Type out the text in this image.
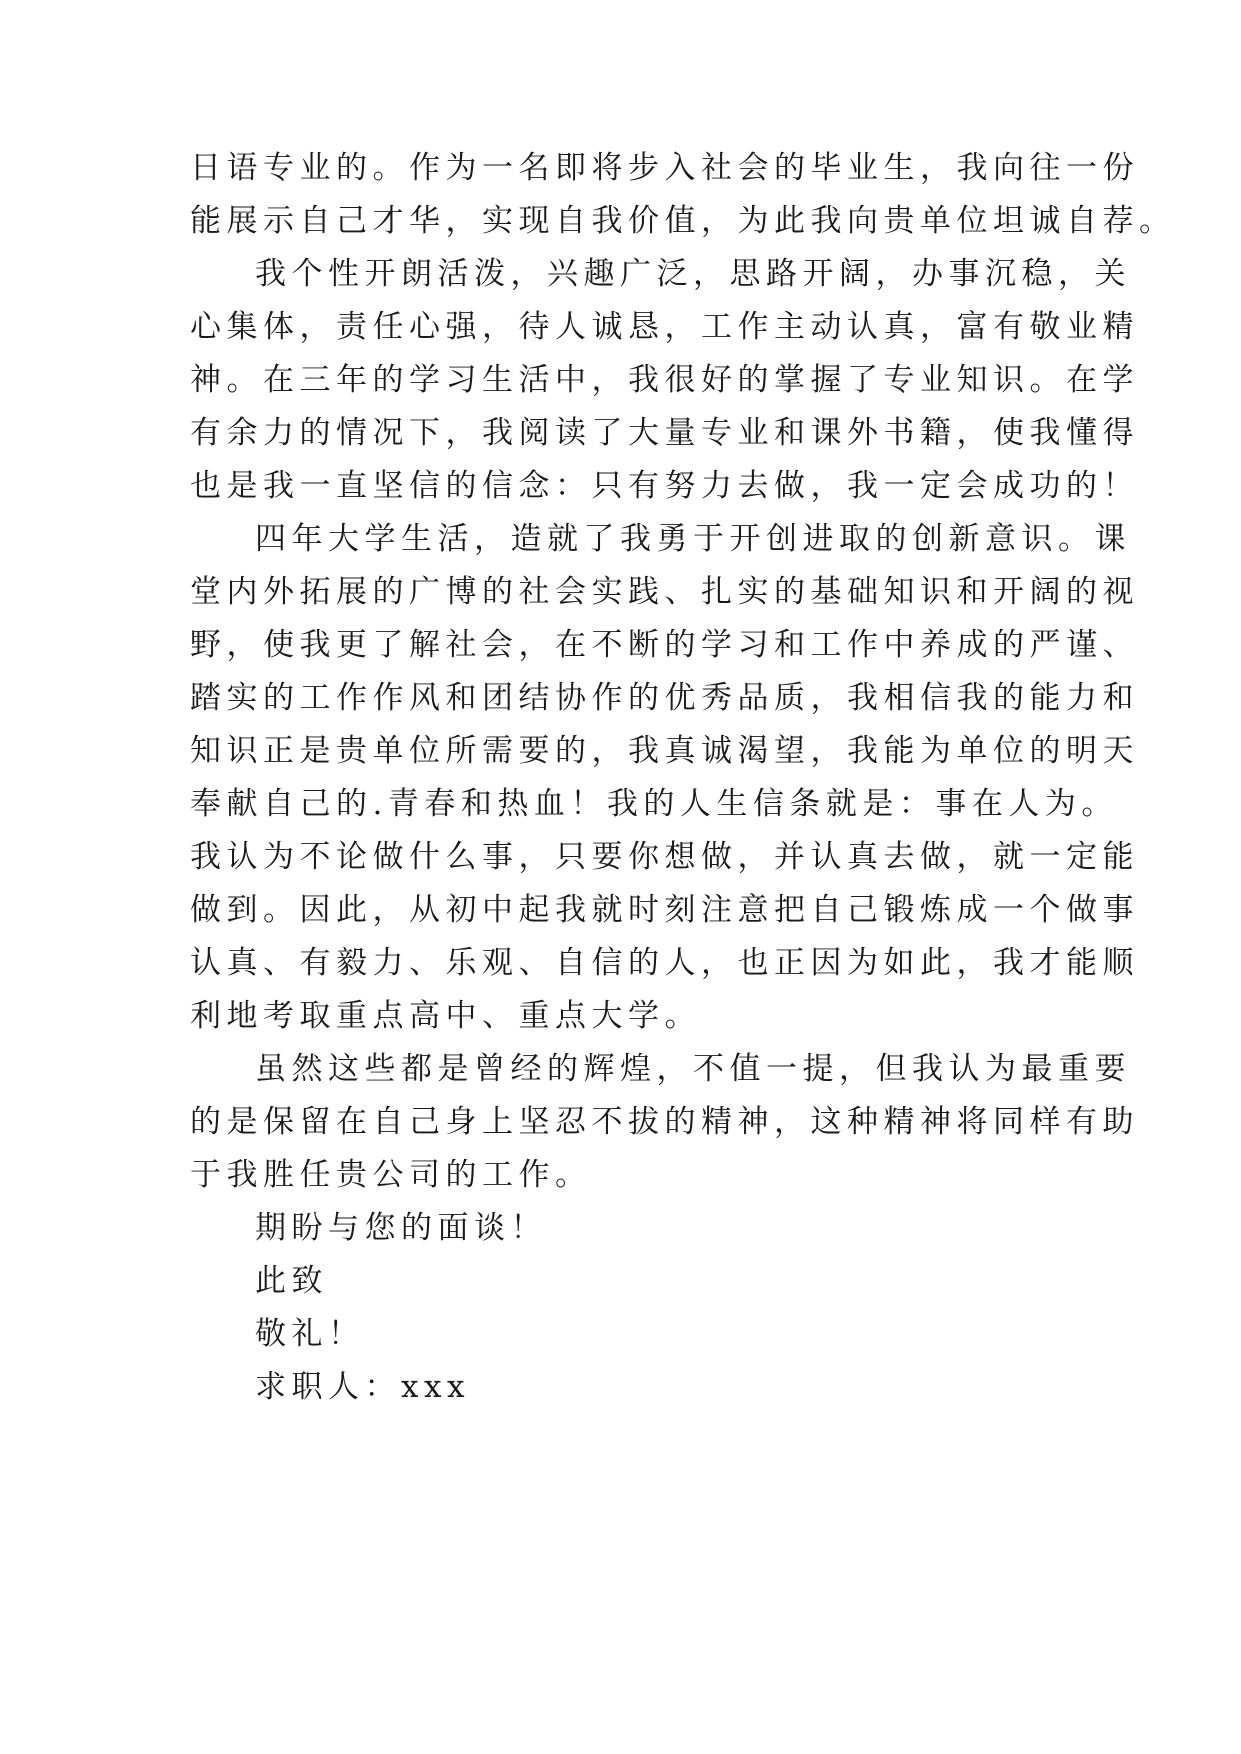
日语专业的。作为一名即将步入社会的毕业生，我向往一份
能展示自己才华，实现自我价值，为此我向贵单位坦诚自荐。
我个性开朗活泼，兴趣广泛，思路开阔，办事沉稳，关
心集体，责任心强，待人诚恳，工作主动认真，富有敬业精
神。在三年的学习生活中，我很好的掌握了专业知识。在学
有余力的情况下，我阅读了大量专业和课外书籍，使我懂得
也是我一直坚信的信念：只有努力去做，我一定会成功的！
四年大学生活，造就了我勇于开创进取的创新意识。课
堂内外拓展的广博的社会实践、扎实的基础知识和开阔的视
野，使我更了解社会，在不断的学习和工作中养成的严谨、
踏实的工作作风和团结协作的优秀品质，我相信我的能力和
知识正是贵单位所需要的，我真诚渴望，我能为单位的明天
奉献自己的.青春和热血！我的人生信条就是：事在人为。
我认为不论做什么事，只要你想做，并认真去做，就一定能
做到。因此，从初中起我就时刻注意把自己锻炼成一个做事
认真、有毅力、乐观、自信的人，也正因为如此，我才能顺
利地考取重点高中、重点大学。
虽然这些都是曾经的辉煌，不值一提，但我认为最重要
的是保留在自己身上坚忍不拔的精神，这种精神将同样有助
于我胜任贵公司的工作。
期盼与您的面谈！
此致
敬礼！
求职人：xxx
